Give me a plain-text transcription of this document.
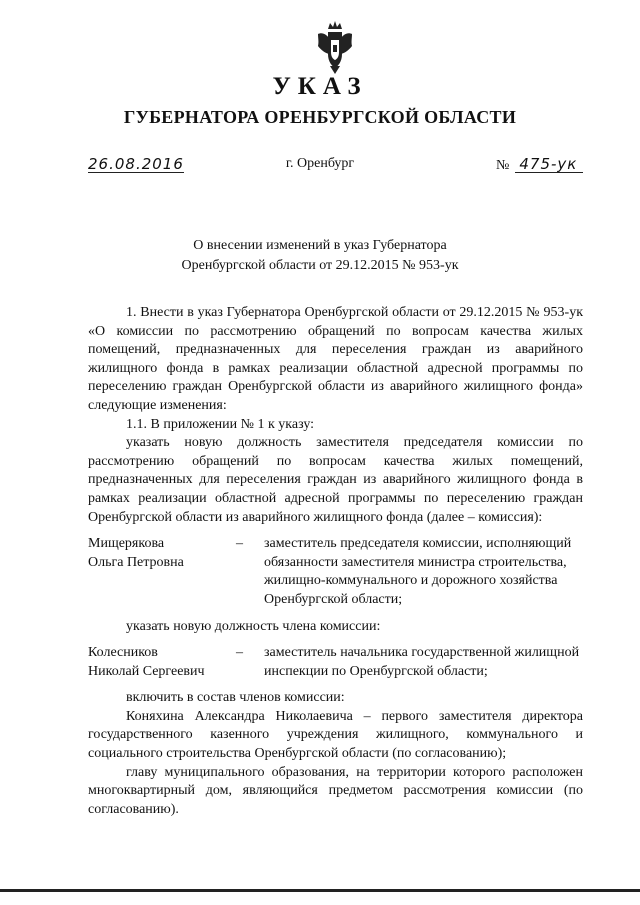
УКАЗ
ГУБЕРНАТОРА ОРЕНБУРГСКОЙ ОБЛАСТИ
26.08.2016	г. Оренбург	№ 475-ук
О внесении изменений в указ Губернатора
Оренбургской области от 29.12.2015 № 953-ук

1. Внести в указ Губернатора Оренбургской области от 29.12.2015 № 953-ук «О комиссии по рассмотрению обращений по вопросам качества жилых помещений, предназначенных для переселения граждан из аварийного жилищного фонда в рамках реализации областной адресной программы по переселению граждан Оренбургской области из аварийного жилищного фонда» следующие изменения:

1.1. В приложении № 1 к указу:

указать новую должность заместителя председателя комиссии по рассмотрению обращений по вопросам качества жилых помещений, предназначенных для переселения граждан из аварийного жилищного фонда в рамках реализации областной адресной программы по переселению граждан Оренбургской области из аварийного жилищного фонда (далее – комиссия):

Мищерякова
Ольга Петровна
–	заместитель председателя комиссии, исполняющий обязанности заместителя министра строительства, жилищно-коммунального и дорожного хозяйства Оренбургской области;

указать новую должность члена комиссии:

Колесников
Николай Сергеевич
–	заместитель начальника государственной жилищной инспекции по Оренбургской области;

включить в состав членов комиссии:

Коняхина Александра Николаевича – первого заместителя директора государственного казенного учреждения жилищного, коммунального и социального строительства Оренбургской области (по согласованию);

главу муниципального образования, на территории которого расположен многоквартирный дом, являющийся предметом рассмотрения комиссии (по согласованию).
